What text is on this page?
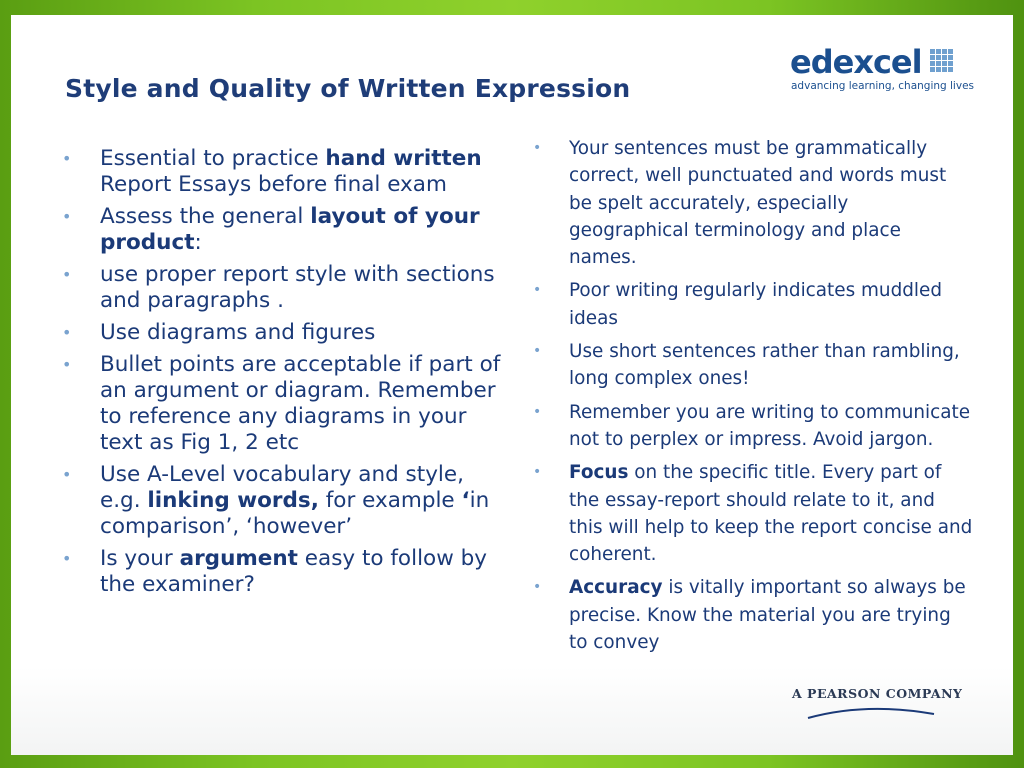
Style and Quality of Written Expression
edexcel
advancing learning, changing lives
• Essential to practice hand written Report Essays before final exam
• Assess the general layout of your product:
• use proper report style with sections and paragraphs .
• Use diagrams and figures
• Bullet points are acceptable if part of an argument or diagram. Remember to reference any diagrams in your text as Fig 1, 2 etc
• Use A-Level vocabulary and style, e.g. linking words, for example ‘in comparison’, ‘however’
• Is your argument easy to follow by the examiner?
• Your sentences must be grammatically correct, well punctuated and words must be spelt accurately, especially geographical terminology and place names.
• Poor writing regularly indicates muddled ideas
• Use short sentences rather than rambling, long complex ones!
• Remember you are writing to communicate not to perplex or impress. Avoid jargon.
• Focus on the specific title. Every part of the essay-report should relate to it, and this will help to keep the report concise and coherent.
• Accuracy is vitally important so always be precise. Know the material you are trying to convey
A PEARSON COMPANY
